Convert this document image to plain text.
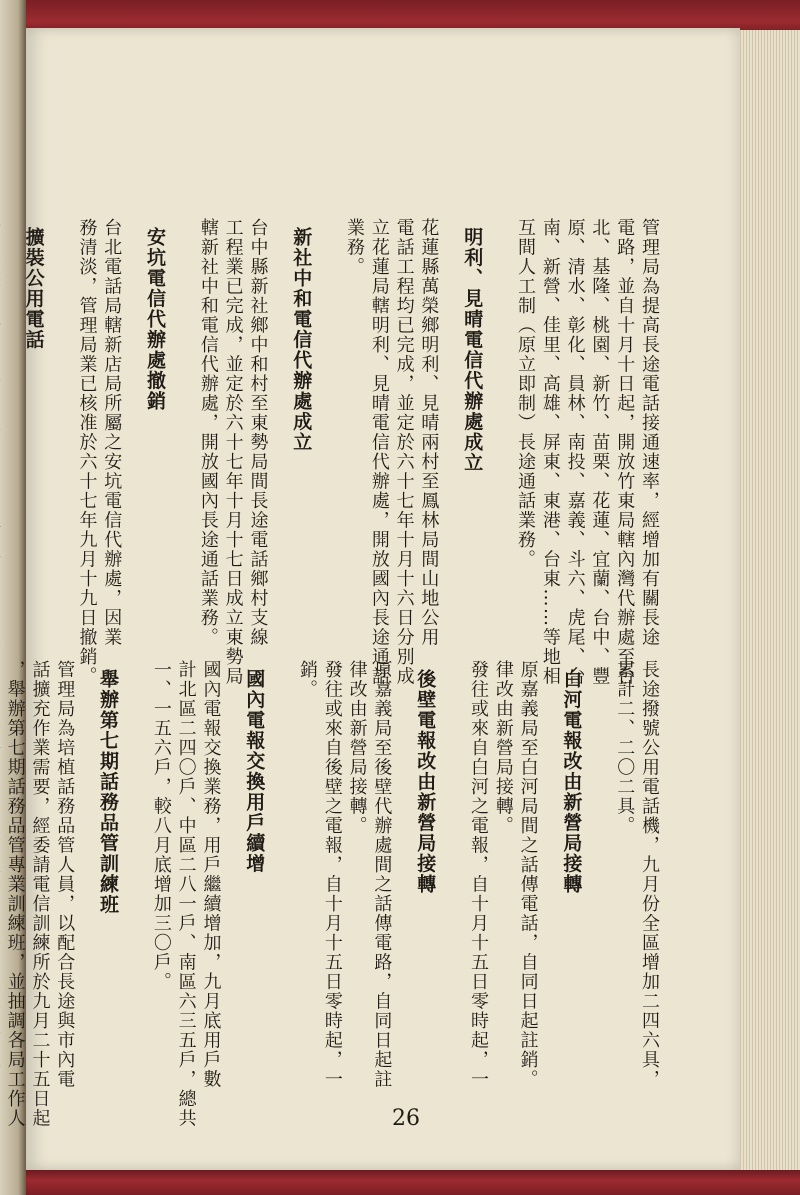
長途撥號公用電話機，九月份全區增加二四六具，

累計二、二〇二具。

白河電報改由新營局接轉

原嘉義局至白河局間之話傳電話，自同日起註銷。

律改由新營局接轉。

發往或來自白河之電報，自十月十五日零時起，一

後壁電報改由新營局接轉

原嘉義局至後壁代辦處間之話傳電路，自同日起註

律改由新營局接轉。

發往或來自後壁之電報，自十月十五日零時起，一

銷。

國內電報交換用戶續增

國內電報交換業務，用戶繼續增加，九月底用戶數

計北區二四〇戶、中區二八一戶、南區六三五戶，總共

一、一五六戶，較八月底增加三〇戶。

舉辦第七期話務品管訓練班

管理局為培植話務品管人員，以配合長途與市內電

話擴充作業需要，經委請電信訓練所於九月二十五日起

，舉辦第七期話務品管專業訓練班，並抽調各局工作人

管理局為提高長途電話接通速率，經增加有關長途

電路，並自十月十日起，開放竹東局轄內灣代辦處至台

北、基隆、桃園、新竹、苗栗、花蓮、宜蘭、台中、豐

原、清水、彰化、員林、南投、嘉義、斗六、虎尾、台

南、新營、佳里、高雄、屏東、東港、台東……等地相

互間人工制（原立即制）長途通話業務。

明利、見晴電信代辦處成立

花蓮縣萬榮鄉明利、見晴兩村至鳳林局間山地公用

電話工程均已完成，並定於六十七年十月十六日分別成

立花蓮局轄明利、見晴電信代辦處，開放國內長途通話

業務。

新社中和電信代辦處成立

台中縣新社鄉中和村至東勢局間長途電話鄉村支線

工程業已完成，並定於六十七年十月十七日成立東勢局

轄新社中和電信代辦處，開放國內長途通話業務。

安坑電信代辦處撤銷

台北電話局轄新店局所屬之安坑電信代辦處，因業

務清淡，管理局業已核准於六十七年九月十九日撤銷。

擴裝公用電話

26
